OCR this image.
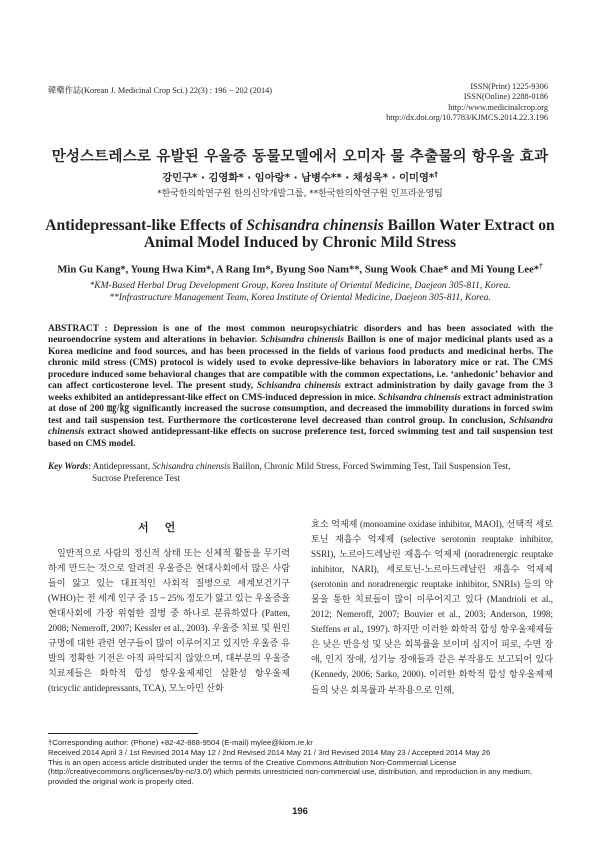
韓藥作誌(Korean J. Medicinal Crop Sci.) 22(3) : 196 − 202 (2014)	ISSN(Print) 1225-9306
ISSN(Online) 2288-0186
http://www.medicinalcrop.org
http://dx.doi.org/10.7783/KJMCS.2014.22.3.196
만성스트레스로 유발된 우울증 동물모델에서 오미자 물 추출물의 항우울 효과
강민구* · 김영화* · 임아랑* · 남병수** · 채성욱* · 이미영*†
*한국한의학연구원 한의신약개발그룹, **한국한의학연구원 인프라운영팀
Antidepressant-like Effects of Schisandra chinensis Baillon Water Extract on Animal Model Induced by Chronic Mild Stress
Min Gu Kang*, Young Hwa Kim*, A Rang Im*, Byung Soo Nam**, Sung Wook Chae* and Mi Young Lee*†
*KM-Based Herbal Drug Development Group, Korea Institute of Oriental Medicine, Daejeon 305-811, Korea.
**Infrastructure Management Team, Korea Institute of Oriental Medicine, Daejeon 305-811, Korea.
ABSTRACT : Depression is one of the most common neuropsychiatric disorders and has been associated with the neuroendocrine system and alterations in behavior. Schisandra chinensis Baillon is one of major medicinal plants used as a Korea medicine and food sources, and has been processed in the fields of various food products and medicinal herbs. The chronic mild stress (CMS) protocol is widely used to evoke depressive-like behaviors in laboratory mice or rat. The CMS procedure induced some behavioral changes that are compatible with the common expectations, i.e. ‘anhedonic’ behavior and can affect corticosterone level. The present study, Schisandra chinensis extract administration by daily gavage from the 3 weeks exhibited an antidepressant-like effect on CMS-induced depression in mice. Schisandra chinensis extract administration at dose of 200 ㎎/㎏ significantly increased the sucrose consumption, and decreased the immobility durations in forced swim test and tail suspension test. Furthermore the corticosterone level decreased than control group. In conclusion, Schisandra chinensis extract showed antidepressant-like effects on sucrose preference test, forced swimming test and tail suspension test based on CMS model.
Key Words: Antidepressant, Schisandra chinensis Baillon, Chronic Mild Stress, Forced Swimming Test, Tail Suspension Test,
Sucrose Preference Test
서언

일반적으로 사람의 정신적 상태 또는 신체적 활동을 무기력하게 만드는 것으로 알려진 우울증은 현대사회에서 많은 사람들이 앓고 있는 대표적인 사회적 질병으로 세계보건기구(WHO)는 전 세계 인구 중 15 ~ 25% 정도가 앓고 있는 우울증을 현대사회에 가장 위험한 질병 중 하나로 분류하였다 (Patten, 2008; Nemeroff, 2007; Kessler et al., 2003). 우울증 치료 및 원인 규명에 대한 관련 연구들이 많이 이루어지고 있지만 우울증 유발의 정확한 기전은 아직 파악되지 않았으며, 대부분의 우울증 치료제들은 화학적 합성 항우울제제인 삼환성 항우울제 (tricyclic antidepressants, TCA), 모노아민 산화

효소 억제제 (monoamine oxidase inhibitor, MAOI), 선택적 세로토닌 재흡수 억제제 (selective serotonin reuptake inhibitor, SSRI), 노르아드레날린 재흡수 억제제 (noradrenergic reuptake inhibitor, NARI), 세로토닌-노르아드레날린 재흡수 억제제 (serotonin and noradrenergic reuptake inhibitor, SNRIs) 등의 약물을 통한 치료들이 많이 이루어지고 있다 (Mandrioli et al., 2012; Nemeroff, 2007; Bouvier et al., 2003; Anderson, 1998; Steffens et al., 1997). 하지만 이러한 화학적 합성 항우울제제들은 낮은 반응성 및 낮은 회복률을 보이며 심지어 피로, 수면 장애, 인지 장애, 성기능 장애들과 같은 부작용도 보고되어 있다 (Kennedy, 2006; Sarko, 2000). 이러한 화학적 합성 항우울제제들의 낮은 회복률과 부작용으로 인해,

†Corresponding author: (Phone) +82-42-868-9504 (E-mail) mylee@kiom.re.kr

Received 2014 April 3 / 1st Revised 2014 May 12 / 2nd Revised 2014 May 21 / 3rd Revised 2014 May 23 / Accepted 2014 May 26

This is an open access article distributed under the terms of the Creative Commons Attribution Non-Commercial License (http://creativecommons.org/licenses/by-nc/3.0/) which permits unrestricted non-commercial use, distribution, and reproduction in any medium, provided the original work is properly cited.

196
